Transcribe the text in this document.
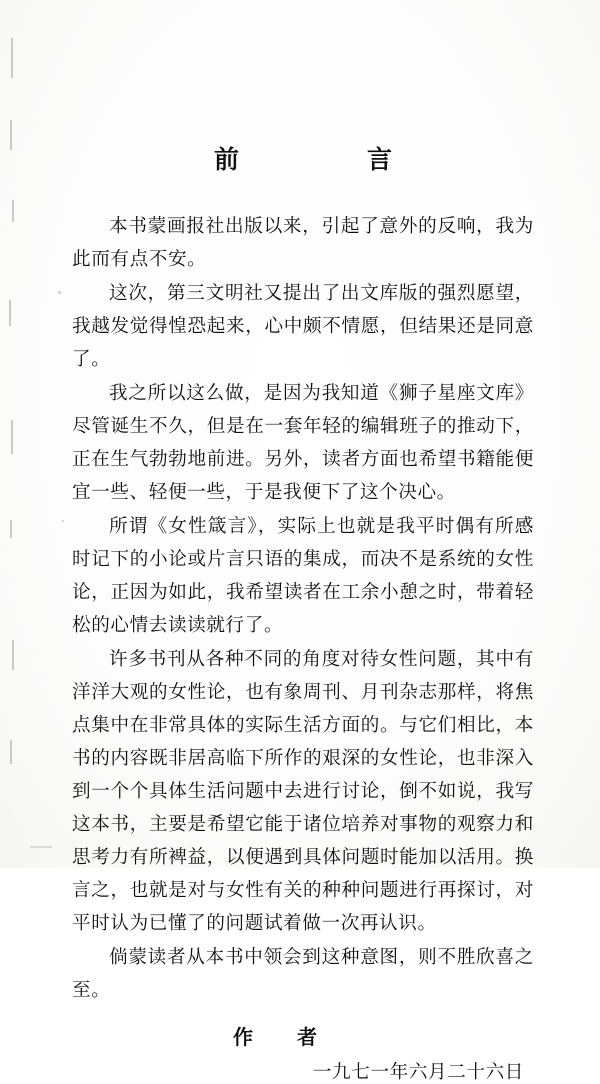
前　　言

本书蒙画报社出版以来，引起了意外的反响，我为此而有点不安。

这次，第三文明社又提出了出文库版的强烈愿望，我越发觉得惶恐起来，心中颇不情愿，但结果还是同意了。

我之所以这么做，是因为我知道《狮子星座文库》尽管诞生不久，但是在一套年轻的编辑班子的推动下，正在生气勃勃地前进。另外，读者方面也希望书籍能便宜一些、轻便一些，于是我便下了这个决心。

所谓《女性箴言》，实际上也就是我平时偶有所感时记下的小论或片言只语的集成，而决不是系统的女性论，正因为如此，我希望读者在工余小憩之时，带着轻松的心情去读读就行了。

许多书刊从各种不同的角度对待女性问题，其中有洋洋大观的女性论，也有象周刊、月刊杂志那样，将焦点集中在非常具体的实际生活方面的。与它们相比，本书的内容既非居高临下所作的艰深的女性论，也非深入到一个个具体生活问题中去进行讨论，倒不如说，我写这本书，主要是希望它能于诸位培养对事物的观察力和思考力有所裨益，以便遇到具体问题时能加以活用。换言之，也就是对与女性有关的种种问题进行再探讨，对平时认为已懂了的问题试着做一次再认识。

倘蒙读者从本书中领会到这种意图，则不胜欣喜之至。

作　者
一九七一年六月二十六日
